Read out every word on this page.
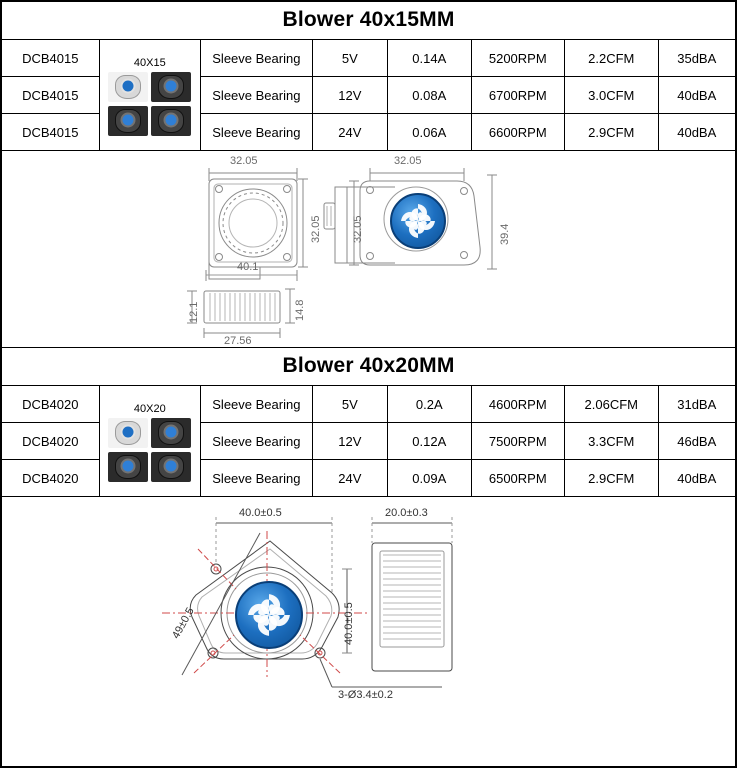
Blower 40x15MM
DCB4015	40X15	Sleeve Bearing	5V	0.14A	5200RPM	2.2CFM	35dBA
DCB4015		Sleeve Bearing	12V	0.08A	6700RPM	3.0CFM	40dBA
DCB4015		Sleeve Bearing	24V	0.06A	6600RPM	2.9CFM	40dBA
32.05	32.05
32.05	32.05	39.4
40.1
12.1	14.8
27.56
Blower 40x20MM
DCB4020	40X20	Sleeve Bearing	5V	0.2A	4600RPM	2.06CFM	31dBA
DCB4020		Sleeve Bearing	12V	0.12A	7500RPM	3.3CFM	46dBA
DCB4020		Sleeve Bearing	24V	0.09A	6500RPM	2.9CFM	40dBA
40.0±0.5	20.0±0.3
40.0±0.5
49±0.5
3-Ø3.4±0.2
